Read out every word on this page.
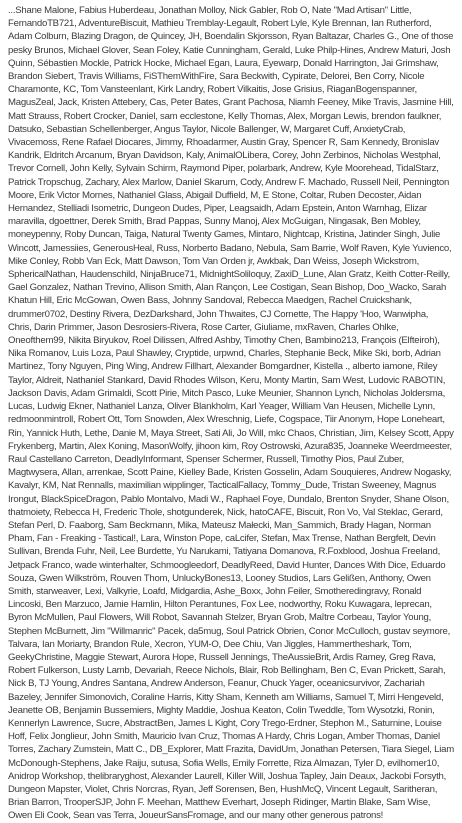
...Shane Malone, Fabius Huberdeau, Jonathan Molloy, Nick Gabler, Rob O, Nate "Mad Artisan" Little, FernandoTB721, AdventureBiscuit, Mathieu Tremblay-Legault, Robert Lyle, Kyle Brennan, Ian Rutherford, Adam Colburn, Blazing Dragon, de Quincey, JH, Boendalin Skjorsson, Ryan Baltazar, Charles G., One of those pesky Brunos, Michael Glover, Sean Foley, Katie Cunningham, Gerald, Luke Philp-Hines, Andrew Maturi, Josh Quinn, Sébastien Mockle, Patrick Hocke, Michael Egan, Laura, Eyewarp, Donald Harrington, Jai Grimshaw, Brandon Siebert, Travis Williams, FiSThemWithFire, Sara Beckwith, Cypirate, Delorei, Ben Corry, Nicole Charamonte, KC, Tom Vansteenlant, Kirk Landry, Robert Vilkaitis, Jose Grisius, RiaganBogenspanner, MagusZeal, Jack, Kristen Attebery, Cas, Peter Bates, Grant Pachosa, Niamh Feeney, Mike Travis, Jasmine Hill, Matt Strauss, Robert Crocker, Daniel, sam ecclestone, Kelly Thomas, Alex, Morgan Lewis, brendon faulkner, Datsuko, Sebastian Schellenberger, Angus Taylor, Nicole Ballenger, W, Margaret Cuff, AnxietyCrab, Vivacemoss, Rene Rafael Diocares, Jimmy, Rhoadarmer, Austin Gray, Spencer R, Sam Kennedy, Bronislav Kandrik, Eldritch Arcanum, Bryan Davidson, Kaly, AnimalOLibera, Corey, John Zerbinos, Nicholas Westphal, Trevor Cornell, John Kelly, Sylvain Schirm, Raymond Piper, polarbark, Andrew, Kyle Moorehead, TidalStarz, Patrick Tropschug, Zachary, Alex Marlow, Daniel Skarum, Cody, Andrew F. Machado, Russell Neil, Pennington Moore, Erik Victor Mornes, Nathaniel Glass, Abigail Duffield, M, E Stone, Coltar, Ruben Decoster, Aidan Hernandez, Stelliadi Isometric, Dungeon Dudes, Piper, Leagsaidh, Adam Epstein, Anton Warnhag, Elizar maravilla, dgoettner, Derek Smith, Brad Pappas, Sunny Manoj, Alex McGuigan, Ningasak, Ben Mobley, moneypenny, Roby Duncan, Taiga, Natural Twenty Games, Mintaro, Nightcap, Kristina, Jatinder Singh, Julie Wincott, Jamessiies, GenerousHeal, Russ, Norberto Badano, Nebula, Sam Barrie, Wolf Raven, Kyle Yuvienco, Mike Conley, Robb Van Eck, Matt Dawson, Tom Van Orden jr, Awkbak, Dan Weiss, Joseph Wickstrom, SphericalNathan, Haudenschild, NinjaBruce71, MidnightSoliloquy, ZaxiD_Lune, Alan Gratz, Keith Cotter-Reilly, Gael Gonzalez, Nathan Trevino, Allison Smith, Alan Rançon, Lee Costigan, Sean Bishop, Doo_Wacko, Sarah Khatun Hill, Eric McGowan, Owen Bass, Johnny Sandoval, Rebecca Maedgen, Rachel Cruickshank, drummer0702, Destiny Rivera, DezDarkshard, John Thwaites, CJ Cornette, The Happy 'Hoo, Wanwipha, Chris, Darin Primmer, Jason Desrosiers-Rivera, Rose Carter, Giuliame, mxRaven, Charles Ohlke, Oneofthem99, Nikita Biryukov, Roel Dilissen, Alfred Ashby, Timothy Chen, Bambino213, François (Elfteiroh), Nika Romanov, Luis Loza, Paul Shawley, Cryptide, urpwnd, Charles, Stephanie Beck, Mike Ski, borb, Adrian Martinez, Tony Nguyen, Ping Wing, Andrew Fillhart, Alexander Bomgardner, Kistella ., alberto iamone, Riley Taylor, Aldreit, Nathaniel Stankard, David Rhodes Wilson, Keru, Monty Martin, Sam West, Ludovic RABOTIN, Jackson Davis, Adam Grimaldi, Scott Pirie, Mitch Pasco, Luke Meunier, Shannon Lynch, Nicholas Joldersma, Lucas, Ludwig Ekner, Nathaniel Lanza, Oliver Blankholm, Karl Yeager, William Van Heusen, Michelle Lynn, redmoonmintroll, Robert Ott, Tom Snowden, Alex Wreschnig, Liefe, Cogspace, Tiir Anonym, Hope Loneheart, Rin, Yannick Huth, Lethe, Danie M, Maya Street, Sati Ali, Jo Will, mkc Chaos, Christian, Jim, Kelsey Scott, Appy Frykenberg, Martin, Alex Koning, MasonWolfy, jihoon kim, Roy Ostrowski, Azura835, Joanneke Weerdmeester, Raul Castellano Carreton, DeadlyInformant, Spenser Schermer, Russell, Timothy Pios, Paul Zuber, Magtwysera, Allan, arrenkae, Scott Paine, Kielley Bade, Kristen Gosselin, Adam Souquieres, Andrew Nogasky, Kavalyr, KM, Nat Rennalls, maximilian wipplinger, TacticalFallacy, Tommy_Dude, Tristan Sweeney, Magnus Irongut, BlackSpiceDragon, Pablo Montalvo, Madi W., Raphael Foye, Dundalo, Brenton Snyder, Shane Olson, thatmoiety, Rebecca H, Frederic Thole, shotgunderek, Nick, hatoCAFE, Biscuit, Ron Vo, Val Steklac, Gerard, Stefan Perl, D. Faaborg, Sam Beckmann, Mika, Mateusz Małecki, Man_Sammich, Brady Hagan, Norman Pham, Fan - Freaking - Tastical!, Lara, Winston Pope, caLcifer, Stefan, Max Trense, Nathan Bergfelt, Devin Sullivan, Brenda Fuhr, Neil, Lee Burdette, Yu Narukami, Tatiyana Domanova, R.Foxblood, Joshua Freeland, Jetpack Franco, wade winterhalter, Schmoogleedorf, DeadlyReed, David Hunter, Dances With Dice, Eduardo Souza, Gwen Wilkström, Rouven Thom, UnluckyBones13, Looney Studios, Lars Gelißen, Anthony, Owen Smith, starweaver, Lexi, Valkyrie, Loafd, Midgardia, Ashe_Boxx, John Feiler, Smotheredingravy, Ronald Lincoski, Ben Marzuco, Jamie Hamlin, Hilton Perantunes, Fox Lee, nodworthy, Roku Kuwagara, leprecan, Byron McMullen, Paul Flowers, Will Robot, Savannah Stelzer, Bryan Grob, Maître Corbeau, Taylor Young, Stephen McBurnett, Jim "Willmanric" Pacek, da5mug, Soul Patrick Obrien, Conor McCulloch, gustav seymore, Talvara, Ian Moriarty, Brandon Rule, Xecron, YUM-O, Dee Chiu, Van Jiggles, Hammertheshark, Tom, GeekyChristine, Maggie Stewart, Aurora Hope, Russell Jennings, TheAussieBrit, Ardis Ramey, Greg Rava, Robert Fulkerson, Lusty Lamb, Devariah, Reece Nichols, Blair, Rob Bellingham, Ben C, Evan Prickett, Sarah, Nick B, TJ Young, Andres Santana, Andrew Anderson, Feanur, Chuck Yager, oceanicsurvivor, Zachariah Bazeley, Jennifer Simonovich, Coraline Harris, Kitty Sham, Kenneth am Williams, Samuel T, Mirri Hengeveld, Jeanette OB, Benjamin Bussemiers, Mighty Maddie, Joshua Keaton, Colin Tweddle, Tom Wysotzki, Ronin, Kennerlyn Lawrence, Sucre, AbstractBen, James L Kight, Cory Trego-Erdner, Stephon M., Saturnine, Louise Hoff, Felix Jonglieur, John Smith, Mauricio Ivan Cruz, Thomas A Hardy, Chris Logan, Amber Thomas, Daniel Torres, Zachary Zumstein, Matt C., DB_Explorer, Matt Frazita, DavidUm, Jonathan Petersen, Tiara Siegel, Liam McDonough-Stephens, Jake Raiju, sutusa, Sofia Wells, Emily Forrette, Riza Almazan, Tyler D, evilhomer10, Anidrop Workshop, thelibraryghost, Alexander Laurell, Killer Will, Joshua Tapley, Jain Deaux, Jackobi Forsyth, Dungeon Mapster, Violet, Chris Norcras, Ryan, Jeff Sorensen, Ben, HushMcQ, Vincent Legault, Saritheran, Brian Barron, TrooperSJP, John F. Meehan, Matthew Everhart, Joseph Ridinger, Martin Blake, Sam Wise, Owen Eli Cook, Sean vas Terra, JoueurSansFromage, and our many other generous patrons!
